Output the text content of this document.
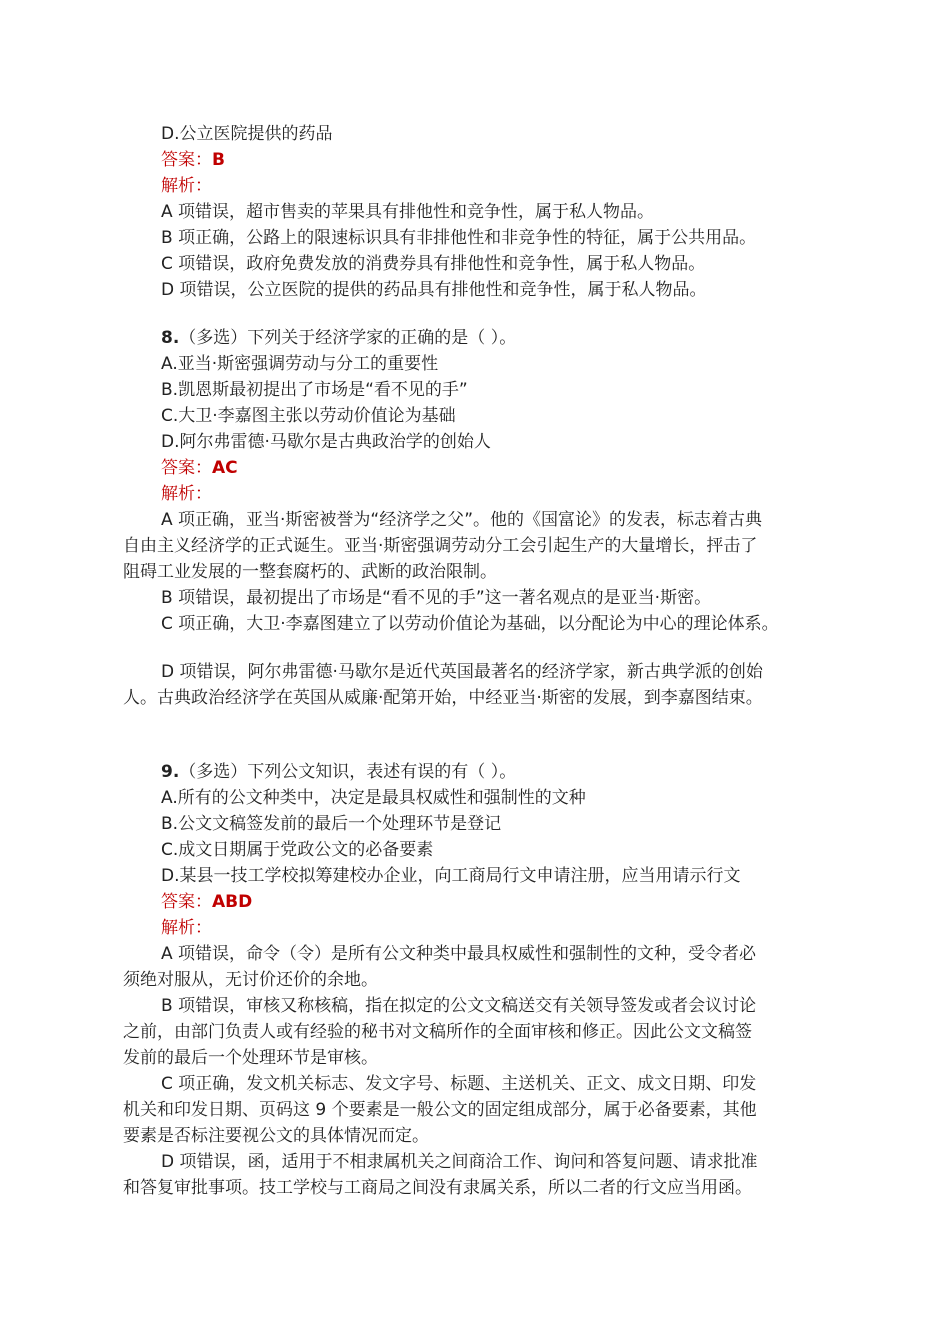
D.公立医院提供的药品
答案：B
解析：
A 项错误，超市售卖的苹果具有排他性和竞争性，属于私人物品。
B 项正确，公路上的限速标识具有非排他性和非竞争性的特征，属于公共用品。
C 项错误，政府免费发放的消费券具有排他性和竞争性，属于私人物品。
D 项错误，公立医院的提供的药品具有排他性和竞争性，属于私人物品。
8.（多选）下列关于经济学家的正确的是（ ）。
A.亚当·斯密强调劳动与分工的重要性
B.凯恩斯最初提出了市场是“看不见的手”
C.大卫·李嘉图主张以劳动价值论为基础
D.阿尔弗雷德·马歇尔是古典政治学的创始人
答案：AC
解析：
A 项正确，亚当·斯密被誉为“经济学之父”。他的《国富论》的发表，标志着古典
自由主义经济学的正式诞生。亚当·斯密强调劳动分工会引起生产的大量增长，抨击了
阻碍工业发展的一整套腐朽的、武断的政治限制。
B 项错误，最初提出了市场是“看不见的手”这一著名观点的是亚当·斯密。
C 项正确，大卫·李嘉图建立了以劳动价值论为基础，以分配论为中心的理论体系。
D 项错误，阿尔弗雷德·马歇尔是近代英国最著名的经济学家，新古典学派的创始
人。古典政治经济学在英国从威廉·配第开始，中经亚当·斯密的发展，到李嘉图结束。
9.（多选）下列公文知识，表述有误的有（ ）。
A.所有的公文种类中，决定是最具权威性和强制性的文种
B.公文文稿签发前的最后一个处理环节是登记
C.成文日期属于党政公文的必备要素
D.某县一技工学校拟筹建校办企业，向工商局行文申请注册，应当用请示行文
答案：ABD
解析：
A 项错误，命令（令）是所有公文种类中最具权威性和强制性的文种，受令者必
须绝对服从，无讨价还价的余地。
B 项错误，审核又称核稿，指在拟定的公文文稿送交有关领导签发或者会议讨论
之前，由部门负责人或有经验的秘书对文稿所作的全面审核和修正。因此公文文稿签
发前的最后一个处理环节是审核。
C 项正确，发文机关标志、发文字号、标题、主送机关、正文、成文日期、印发
机关和印发日期、页码这 9 个要素是一般公文的固定组成部分，属于必备要素，其他
要素是否标注要视公文的具体情况而定。
D 项错误，函，适用于不相隶属机关之间商洽工作、询问和答复问题、请求批准
和答复审批事项。技工学校与工商局之间没有隶属关系，所以二者的行文应当用函。
